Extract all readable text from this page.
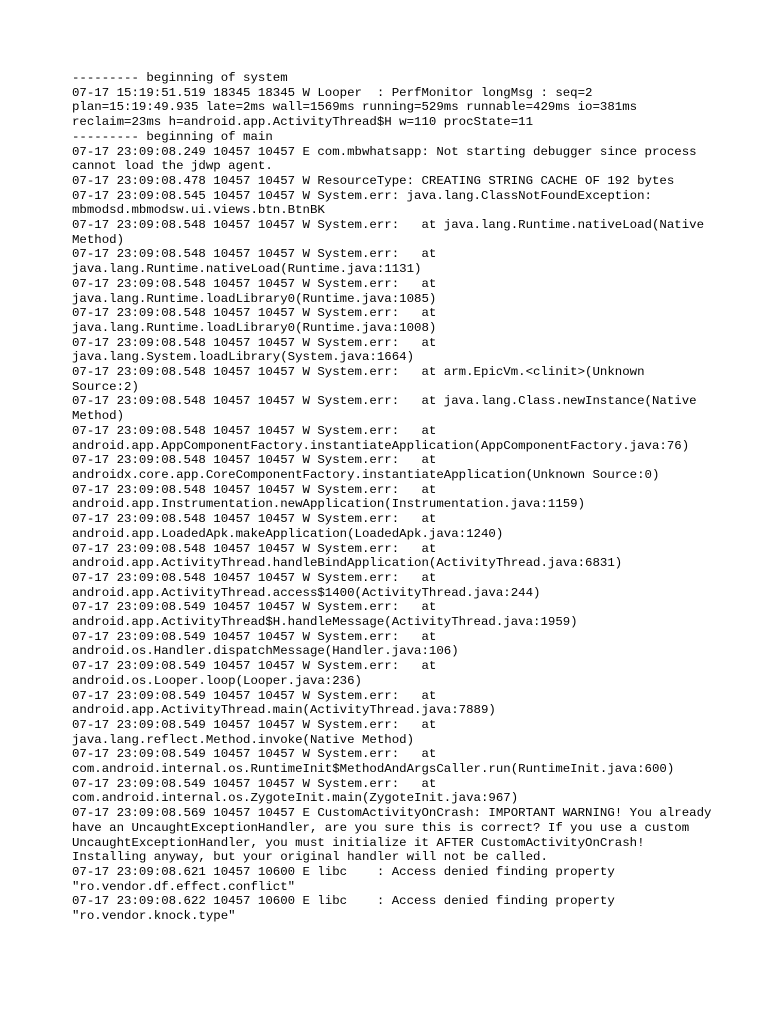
--------- beginning of system
07-17 15:19:51.519 18345 18345 W Looper  : PerfMonitor longMsg : seq=2 plan=15:19:49.935 late=2ms wall=1569ms running=529ms runnable=429ms io=381ms reclaim=23ms h=android.app.ActivityThread$H w=110 procState=11
--------- beginning of main
07-17 23:09:08.249 10457 10457 E com.mbwhatsapp: Not starting debugger since process cannot load the jdwp agent.
07-17 23:09:08.478 10457 10457 W ResourceType: CREATING STRING CACHE OF 192 bytes
07-17 23:09:08.545 10457 10457 W System.err: java.lang.ClassNotFoundException: mbmodsd.mbmodsw.ui.views.btn.BtnBK
07-17 23:09:08.548 10457 10457 W System.err:   at java.lang.Runtime.nativeLoad(Native Method)
07-17 23:09:08.548 10457 10457 W System.err:   at java.lang.Runtime.nativeLoad(Runtime.java:1131)
07-17 23:09:08.548 10457 10457 W System.err:   at java.lang.Runtime.loadLibrary0(Runtime.java:1085)
07-17 23:09:08.548 10457 10457 W System.err:   at java.lang.Runtime.loadLibrary0(Runtime.java:1008)
07-17 23:09:08.548 10457 10457 W System.err:   at java.lang.System.loadLibrary(System.java:1664)
07-17 23:09:08.548 10457 10457 W System.err:   at arm.EpicVm.<clinit>(Unknown Source:2)
07-17 23:09:08.548 10457 10457 W System.err:   at java.lang.Class.newInstance(Native Method)
07-17 23:09:08.548 10457 10457 W System.err:   at android.app.AppComponentFactory.instantiateApplication(AppComponentFactory.java:76)
07-17 23:09:08.548 10457 10457 W System.err:   at androidx.core.app.CoreComponentFactory.instantiateApplication(Unknown Source:0)
07-17 23:09:08.548 10457 10457 W System.err:   at android.app.Instrumentation.newApplication(Instrumentation.java:1159)
07-17 23:09:08.548 10457 10457 W System.err:   at android.app.LoadedApk.makeApplication(LoadedApk.java:1240)
07-17 23:09:08.548 10457 10457 W System.err:   at android.app.ActivityThread.handleBindApplication(ActivityThread.java:6831)
07-17 23:09:08.548 10457 10457 W System.err:   at android.app.ActivityThread.access$1400(ActivityThread.java:244)
07-17 23:09:08.549 10457 10457 W System.err:   at android.app.ActivityThread$H.handleMessage(ActivityThread.java:1959)
07-17 23:09:08.549 10457 10457 W System.err:   at android.os.Handler.dispatchMessage(Handler.java:106)
07-17 23:09:08.549 10457 10457 W System.err:   at android.os.Looper.loop(Looper.java:236)
07-17 23:09:08.549 10457 10457 W System.err:   at android.app.ActivityThread.main(ActivityThread.java:7889)
07-17 23:09:08.549 10457 10457 W System.err:   at java.lang.reflect.Method.invoke(Native Method)
07-17 23:09:08.549 10457 10457 W System.err:   at com.android.internal.os.RuntimeInit$MethodAndArgsCaller.run(RuntimeInit.java:600)
07-17 23:09:08.549 10457 10457 W System.err:   at com.android.internal.os.ZygoteInit.main(ZygoteInit.java:967)
07-17 23:09:08.569 10457 10457 E CustomActivityOnCrash: IMPORTANT WARNING! You already have an UncaughtExceptionHandler, are you sure this is correct? If you use a custom UncaughtExceptionHandler, you must initialize it AFTER CustomActivityOnCrash! Installing anyway, but your original handler will not be called.
07-17 23:09:08.621 10457 10600 E libc    : Access denied finding property "ro.vendor.df.effect.conflict"
07-17 23:09:08.622 10457 10600 E libc    : Access denied finding property "ro.vendor.knock.type"
